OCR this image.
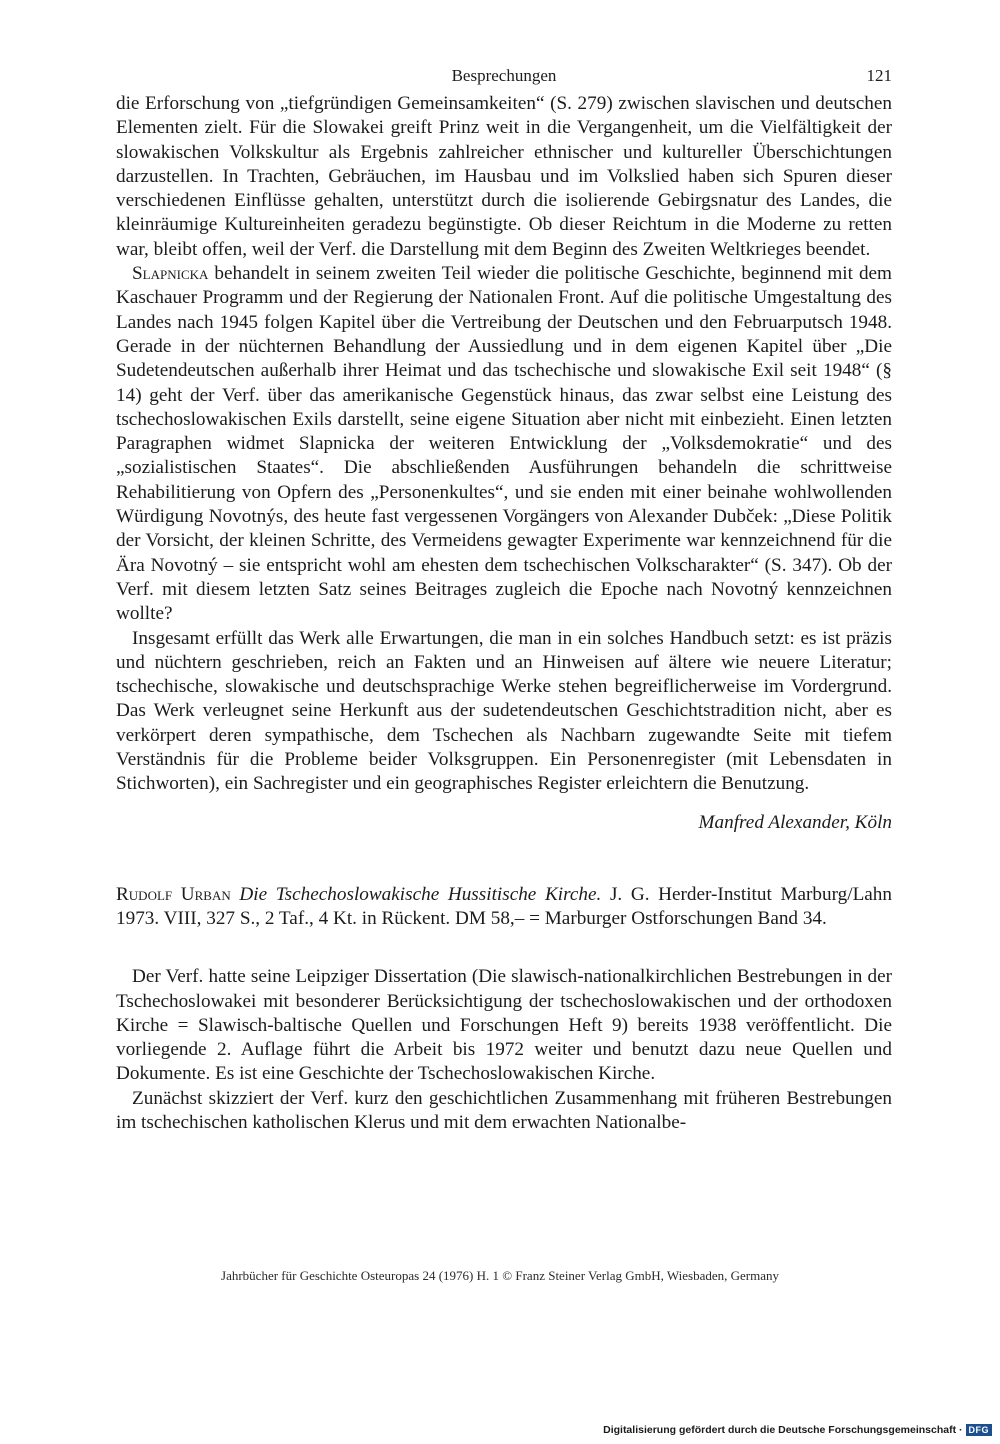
Besprechungen	121

die Erforschung von „tiefgründigen Gemeinsamkeiten“ (S. 279) zwischen slavischen und deutschen Elementen zielt. Für die Slowakei greift Prinz weit in die Vergangenheit, um die Vielfältigkeit der slowakischen Volkskultur als Ergebnis zahlreicher ethnischer und kultureller Überschichtungen darzustellen. In Trachten, Gebräuchen, im Hausbau und im Volkslied haben sich Spuren dieser verschiedenen Einflüsse gehalten, unterstützt durch die isolierende Gebirgsnatur des Landes, die kleinräumige Kultureinheiten geradezu begünstigte. Ob dieser Reichtum in die Moderne zu retten war, bleibt offen, weil der Verf. die Darstellung mit dem Beginn des Zweiten Weltkrieges beendet.

Slapnicka behandelt in seinem zweiten Teil wieder die politische Geschichte, beginnend mit dem Kaschauer Programm und der Regierung der Nationalen Front. Auf die politische Umgestaltung des Landes nach 1945 folgen Kapitel über die Vertreibung der Deutschen und den Februarputsch 1948. Gerade in der nüchternen Behandlung der Aussiedlung und in dem eigenen Kapitel über „Die Sudetendeutschen außerhalb ihrer Heimat und das tschechische und slowakische Exil seit 1948“ (§ 14) geht der Verf. über das amerikanische Gegenstück hinaus, das zwar selbst eine Leistung des tschechoslowakischen Exils darstellt, seine eigene Situation aber nicht mit einbezieht. Einen letzten Paragraphen widmet Slapnicka der weiteren Entwicklung der „Volksdemokratie“ und des „sozialistischen Staates“. Die abschließenden Ausführungen behandeln die schrittweise Rehabilitierung von Opfern des „Personenkultes“, und sie enden mit einer beinahe wohlwollenden Würdigung Novotnýs, des heute fast vergessenen Vorgängers von Alexander Dubček: „Diese Politik der Vorsicht, der kleinen Schritte, des Vermeidens gewagter Experimente war kennzeichnend für die Ära Novotný – sie entspricht wohl am ehesten dem tschechischen Volkscharakter“ (S. 347). Ob der Verf. mit diesem letzten Satz seines Beitrages zugleich die Epoche nach Novotný kennzeichnen wollte?

Insgesamt erfüllt das Werk alle Erwartungen, die man in ein solches Handbuch setzt: es ist präzis und nüchtern geschrieben, reich an Fakten und an Hinweisen auf ältere wie neuere Literatur; tschechische, slowakische und deutschsprachige Werke stehen begreiflicherweise im Vordergrund. Das Werk verleugnet seine Herkunft aus der sudetendeutschen Geschichtstradition nicht, aber es verkörpert deren sympathische, dem Tschechen als Nachbarn zugewandte Seite mit tiefem Verständnis für die Probleme beider Volksgruppen. Ein Personenregister (mit Lebensdaten in Stichworten), ein Sachregister und ein geographisches Register erleichtern die Benutzung.

Manfred Alexander, Köln
Rudolf Urban Die Tschechoslowakische Hussitische Kirche. J. G. Herder-Institut Marburg/Lahn 1973. VIII, 327 S., 2 Taf., 4 Kt. in Rückent. DM 58,– = Marburger Ostforschungen Band 34.

Der Verf. hatte seine Leipziger Dissertation (Die slawisch-nationalkirchlichen Bestrebungen in der Tschechoslowakei mit besonderer Berücksichtigung der tschechoslowakischen und der orthodoxen Kirche = Slawisch-baltische Quellen und Forschungen Heft 9) bereits 1938 veröffentlicht. Die vorliegende 2. Auflage führt die Arbeit bis 1972 weiter und benutzt dazu neue Quellen und Dokumente. Es ist eine Geschichte der Tschechoslowakischen Kirche.

Zunächst skizziert der Verf. kurz den geschichtlichen Zusammenhang mit früheren Bestrebungen im tschechischen katholischen Klerus und mit dem erwachten Nationalbe-

Jahrbücher für Geschichte Osteuropas 24 (1976) H. 1 © Franz Steiner Verlag GmbH, Wiesbaden, Germany
Digitalisierung gefördert durch die Deutsche Forschungsgemeinschaft · DFG
